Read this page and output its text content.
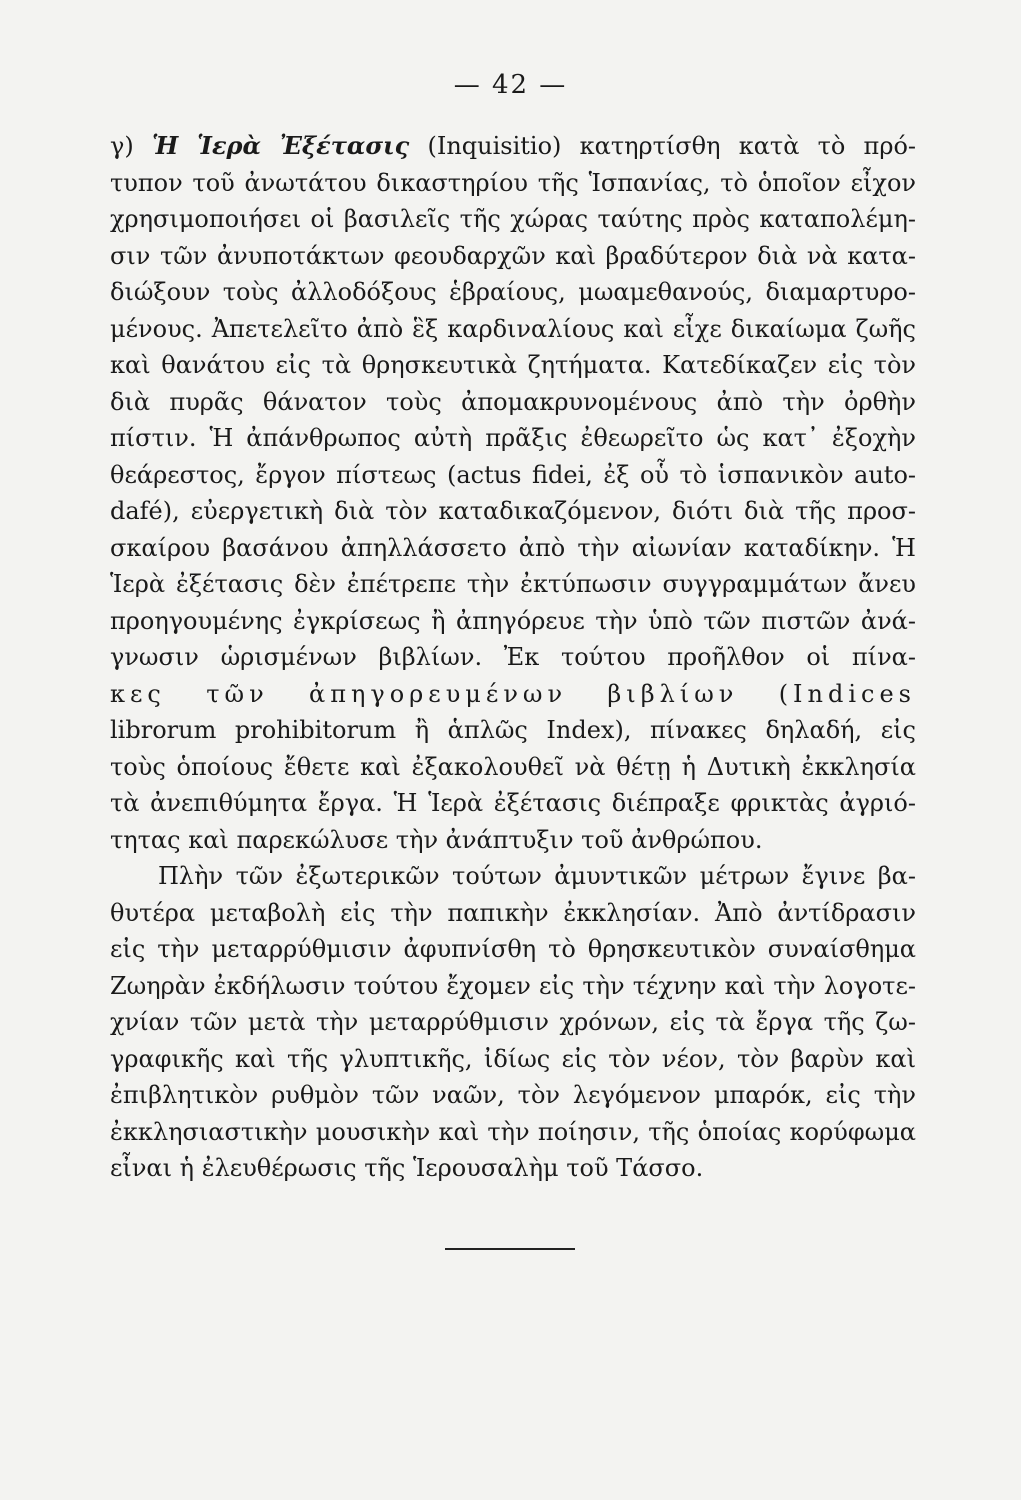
— 42 —

γ) Ἡ Ἱερὰ Ἐξέτασις (Inquisitio) κατηρτίσθη κατὰ τὸ πρό-

τυπον τοῦ ἀνωτάτου δικαστηρίου τῆς Ἱσπανίας, τὸ ὁποῖον εἶχον

χρησιμοποιήσει οἱ βασιλεῖς τῆς χώρας ταύτης πρὸς καταπολέμη-

σιν τῶν ἀνυποτάκτων φεουδαρχῶν καὶ βραδύτερον διὰ νὰ κατα-

διώξουν τοὺς ἀλλοδόξους ἑβραίους, μωαμεθανούς, διαμαρτυρο-

μένους. Ἀπετελεῖτο ἀπὸ ἓξ καρδιναλίους καὶ εἶχε δικαίωμα ζωῆς

καὶ θανάτου εἰς τὰ θρησκευτικὰ ζητήματα. Κατεδίκαζεν εἰς τὸν

διὰ πυρᾶς θάνατον τοὺς ἀπομακρυνομένους ἀπὸ τὴν ὀρθὴν

πίστιν. Ἡ ἀπάνθρωπος αὐτὴ πρᾶξις ἐθεωρεῖτο ὡς κατ᾽ ἐξοχὴν

θεάρεστος, ἔργον πίστεως (actus fidei, ἐξ οὗ τὸ ἱσπανικὸν auto-

dafé), εὐεργετικὴ διὰ τὸν καταδικαζόμενον, διότι διὰ τῆς προσ-

σκαίρου βασάνου ἀπηλλάσσετο ἀπὸ τὴν αἰωνίαν καταδίκην. Ἡ

Ἱερὰ ἐξέτασις δὲν ἐπέτρεπε τὴν ἐκτύπωσιν συγγραμμάτων ἄνευ

προηγουμένης ἐγκρίσεως ἢ ἀπηγόρευε τὴν ὑπὸ τῶν πιστῶν ἀνά-

γνωσιν ὡρισμένων βιβλίων. Ἐκ τούτου προῆλθον οἱ πίνα-

κες τῶν ἀπηγορευμένων βιβλίων (Indices

librorum prohibitorum ἢ ἁπλῶς Index), πίνακες δηλαδή, εἰς

τοὺς ὁποίους ἔθετε καὶ ἐξακολουθεῖ νὰ θέτῃ ἡ Δυτικὴ ἐκκλησία

τὰ ἀνεπιθύμητα ἔργα. Ἡ Ἱερὰ ἐξέτασις διέπραξε φρικτὰς ἀγριό-

τητας καὶ παρεκώλυσε τὴν ἀνάπτυξιν τοῦ ἀνθρώπου.

Πλὴν τῶν ἐξωτερικῶν τούτων ἀμυντικῶν μέτρων ἔγινε βα-

θυτέρα μεταβολὴ εἰς τὴν παπικὴν ἐκκλησίαν. Ἀπὸ ἀντίδρασιν

εἰς τὴν μεταρρύθμισιν ἀφυπνίσθη τὸ θρησκευτικὸν συναίσθημα

Ζωηρὰν ἐκδήλωσιν τούτου ἔχομεν εἰς τὴν τέχνην καὶ τὴν λογοτε-

χνίαν τῶν μετὰ τὴν μεταρρύθμισιν χρόνων, εἰς τὰ ἔργα τῆς ζω-

γραφικῆς καὶ τῆς γλυπτικῆς, ἰδίως εἰς τὸν νέον, τὸν βαρὺν καὶ

ἐπιβλητικὸν ρυθμὸν τῶν ναῶν, τὸν λεγόμενον μπαρόκ, εἰς τὴν

ἐκκλησιαστικὴν μουσικὴν καὶ τὴν ποίησιν, τῆς ὁποίας κορύφωμα

εἶναι ἡ ἐλευθέρωσις τῆς Ἱερουσαλὴμ τοῦ Τάσσο.
